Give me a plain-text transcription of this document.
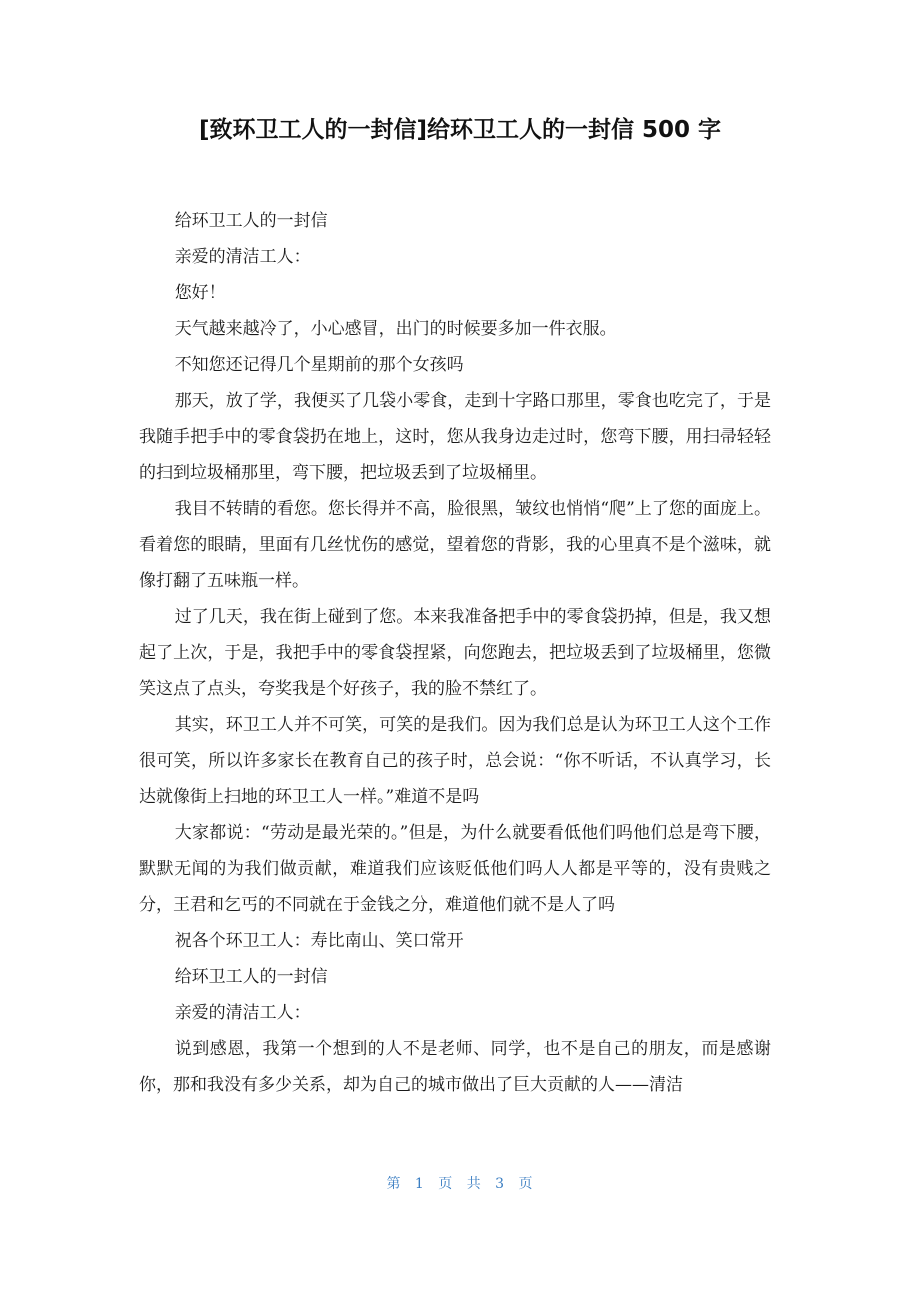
[致环卫工人的一封信]给环卫工人的一封信 500 字

给环卫工人的一封信

亲爱的清洁工人：

您好！

天气越来越冷了，小心感冒，出门的时候要多加一件衣服。

不知您还记得几个星期前的那个女孩吗

那天，放了学，我便买了几袋小零食，走到十字路口那里，零食也吃完了，于是我随手把手中的零食袋扔在地上，这时，您从我身边走过时，您弯下腰，用扫帚轻轻的扫到垃圾桶那里，弯下腰，把垃圾丢到了垃圾桶里。

我目不转睛的看您。您长得并不高，脸很黑，皱纹也悄悄“爬”上了您的面庞上。看着您的眼睛，里面有几丝忧伤的感觉，望着您的背影，我的心里真不是个滋味，就像打翻了五味瓶一样。

过了几天，我在街上碰到了您。本来我准备把手中的零食袋扔掉，但是，我又想起了上次，于是，我把手中的零食袋捏紧，向您跑去，把垃圾丢到了垃圾桶里，您微笑这点了点头，夸奖我是个好孩子，我的脸不禁红了。

其实，环卫工人并不可笑，可笑的是我们。因为我们总是认为环卫工人这个工作很可笑，所以许多家长在教育自己的孩子时，总会说：“你不听话，不认真学习，长达就像街上扫地的环卫工人一样。”难道不是吗

大家都说：“劳动是最光荣的。”但是，为什么就要看低他们吗他们总是弯下腰，默默无闻的为我们做贡献，难道我们应该贬低他们吗人人都是平等的，没有贵贱之分，王君和乞丐的不同就在于金钱之分，难道他们就不是人了吗

祝各个环卫工人：寿比南山、笑口常开

给环卫工人的一封信

亲爱的清洁工人：

说到感恩，我第一个想到的人不是老师、同学，也不是自己的朋友，而是感谢你，那和我没有多少关系，却为自己的城市做出了巨大贡献的人——清洁

第 1 页 共 3 页
